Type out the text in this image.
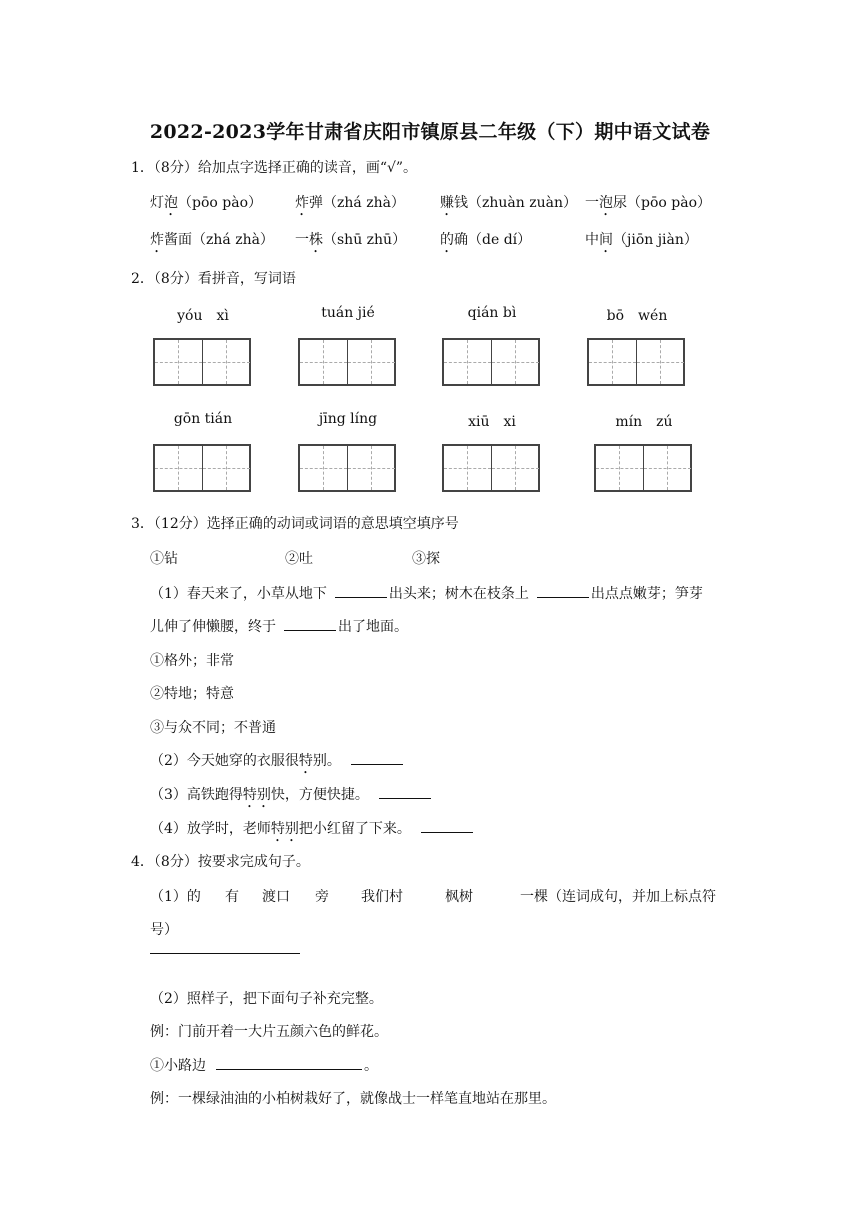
2022-2023学年甘肃省庆阳市镇原县二年级（下）期中语文试卷
1．（8分）给加点字选择正确的读音，画“√”。
灯泡（pōo pào） 炸弹（zhá zhà）	赚钱（zhuàn zuàn） 一泡尿（pōo pào）
炸酱面（zhá zhà） 一株（shū zhū） 的确（de dí）	中间（jiōn jiàn）
2．（8分）看拼音，写词语
yóu　xì	tuán jié	qián bì	bō　wén
gōn tián	jīng líng	xiū　xi	mín　zú
3．（12分）选择正确的动词或词语的意思填空填序号
①钻	②吐	③探
（1）春天来了，小草从地下	出头来；树木在枝条上	出点点嫩芽；笋芽
儿伸了伸懒腰，终于	出了地面。
①格外；非常
②特地；特意
③与众不同；不普通
（2）今天她穿的衣服很特别。
（3）高铁跑得特别快，方便快捷。
（4）放学时，老师特别把小红留了下来。
4．（8分）按要求完成句子。
（1）的 有 渡口 旁 我们村	枫树	一棵（连词成句，并加上标点符
号）
（2）照样子，把下面句子补充完整。
例：门前开着一大片五颜六色的鲜花。
①小路边	。
例：一棵绿油油的小柏树栽好了，就像战士一样笔直地站在那里。
